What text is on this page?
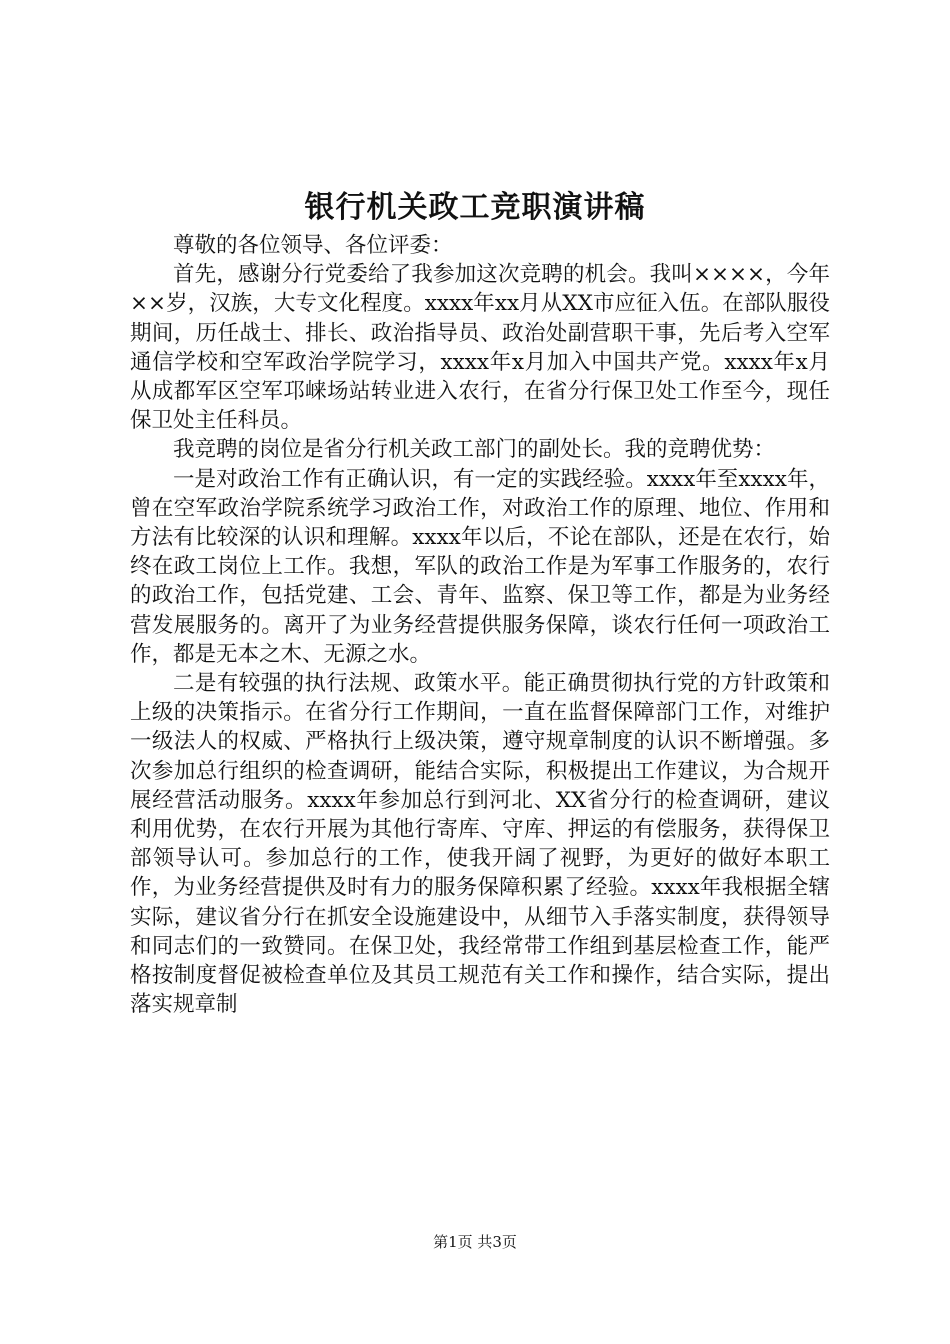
银行机关政工竞职演讲稿

尊敬的各位领导、各位评委：

首先，感谢分行党委给了我参加这次竞聘的机会。我叫××××，今年××岁，汉族，大专文化程度。xxxx年xx月从XX市应征入伍。在部队服役期间，历任战士、排长、政治指导员、政治处副营职干事，先后考入空军通信学校和空军政治学院学习，xxxx年x月加入中国共产党。xxxx年x月从成都军区空军邛崃场站转业进入农行，在省分行保卫处工作至今，现任保卫处主任科员。

我竞聘的岗位是省分行机关政工部门的副处长。我的竞聘优势：

一是对政治工作有正确认识，有一定的实践经验。xxxx年至xxxx年，曾在空军政治学院系统学习政治工作，对政治工作的原理、地位、作用和方法有比较深的认识和理解。xxxx年以后，不论在部队，还是在农行，始终在政工岗位上工作。我想，军队的政治工作是为军事工作服务的，农行的政治工作，包括党建、工会、青年、监察、保卫等工作，都是为业务经营发展服务的。离开了为业务经营提供服务保障，谈农行任何一项政治工作，都是无本之木、无源之水。

二是有较强的执行法规、政策水平。能正确贯彻执行党的方针政策和上级的决策指示。在省分行工作期间，一直在监督保障部门工作，对维护一级法人的权威、严格执行上级决策，遵守规章制度的认识不断增强。多次参加总行组织的检查调研，能结合实际，积极提出工作建议，为合规开展经营活动服务。xxxx年参加总行到河北、XX省分行的检查调研，建议利用优势，在农行开展为其他行寄库、守库、押运的有偿服务，获得保卫部领导认可。参加总行的工作，使我开阔了视野，为更好的做好本职工作，为业务经营提供及时有力的服务保障积累了经验。xxxx年我根据全辖实际，建议省分行在抓安全设施建设中，从细节入手落实制度，获得领导和同志们的一致赞同。在保卫处，我经常带工作组到基层检查工作，能严格按制度督促被检查单位及其员工规范有关工作和操作，结合实际，提出落实规章制

第1页 共3页
